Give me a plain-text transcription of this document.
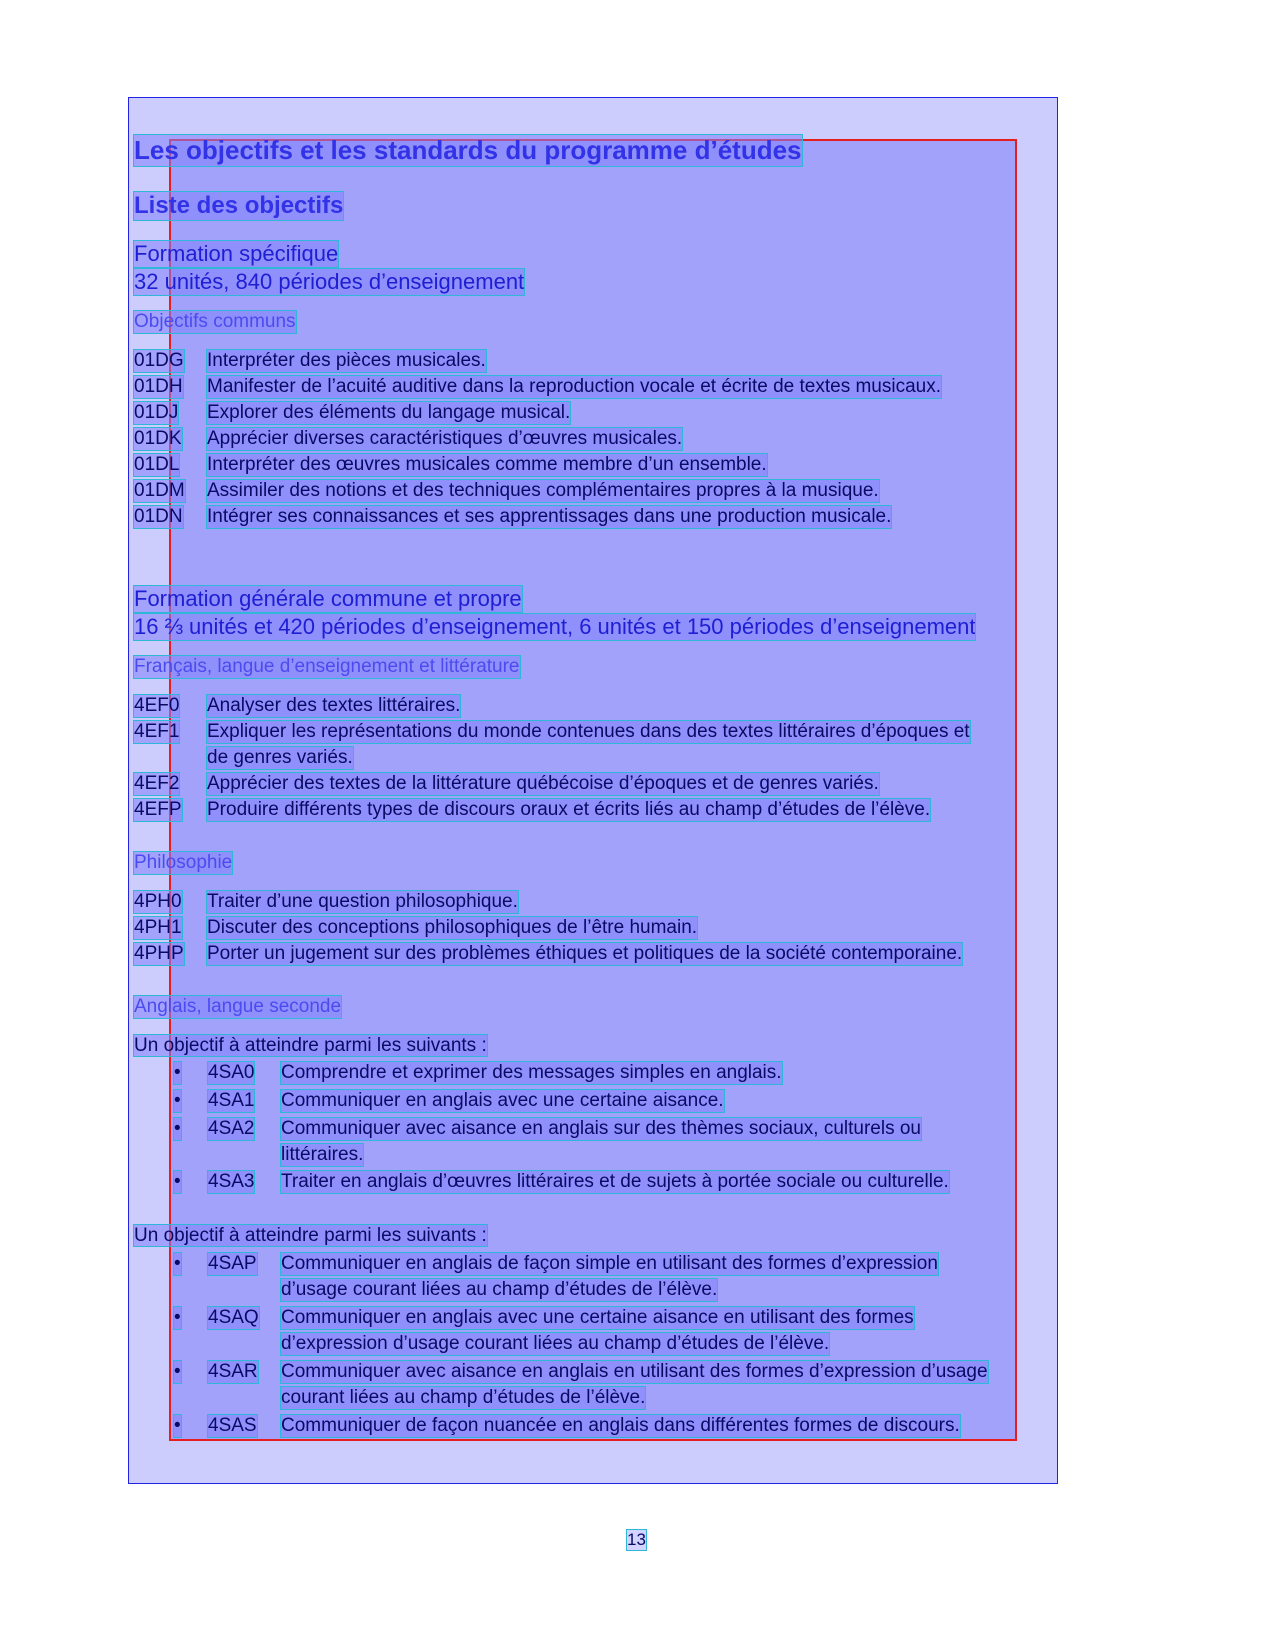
Les objectifs et les standards du programme d’études
Liste des objectifs
Formation spécifique
32 unités, 840 périodes d’enseignement
Objectifs communs
01DG Interpréter des pièces musicales.
01DH Manifester de l’acuité auditive dans la reproduction vocale et écrite de textes musicaux.
01DJ Explorer des éléments du langage musical.
01DK Apprécier diverses caractéristiques d’œuvres musicales.
01DL Interpréter des œuvres musicales comme membre d’un ensemble.
01DM Assimiler des notions et des techniques complémentaires propres à la musique.
01DN Intégrer ses connaissances et ses apprentissages dans une production musicale.
Formation générale commune et propre
16 ⅔ unités et 420 périodes d’enseignement, 6 unités et 150 périodes d’enseignement
Français, langue d’enseignement et littérature
4EF0 Analyser des textes littéraires.
4EF1 Expliquer les représentations du monde contenues dans des textes littéraires d’époques et
de genres variés.
4EF2 Apprécier des textes de la littérature québécoise d’époques et de genres variés.
4EFP Produire différents types de discours oraux et écrits liés au champ d’études de l’élève.
Philosophie
4PH0 Traiter d’une question philosophique.
4PH1 Discuter des conceptions philosophiques de l’être humain.
4PHP Porter un jugement sur des problèmes éthiques et politiques de la société contemporaine.
Anglais, langue seconde
Un objectif à atteindre parmi les suivants :
• 4SA0 Comprendre et exprimer des messages simples en anglais.
• 4SA1 Communiquer en anglais avec une certaine aisance.
• 4SA2 Communiquer avec aisance en anglais sur des thèmes sociaux, culturels ou
littéraires.
• 4SA3 Traiter en anglais d’œuvres littéraires et de sujets à portée sociale ou culturelle.
Un objectif à atteindre parmi les suivants :
• 4SAP Communiquer en anglais de façon simple en utilisant des formes d’expression
d’usage courant liées au champ d’études de l’élève.
• 4SAQ Communiquer en anglais avec une certaine aisance en utilisant des formes
d’expression d’usage courant liées au champ d’études de l’élève.
• 4SAR Communiquer avec aisance en anglais en utilisant des formes d’expression d’usage
courant liées au champ d’études de l’élève.
• 4SAS Communiquer de façon nuancée en anglais dans différentes formes de discours.
13
